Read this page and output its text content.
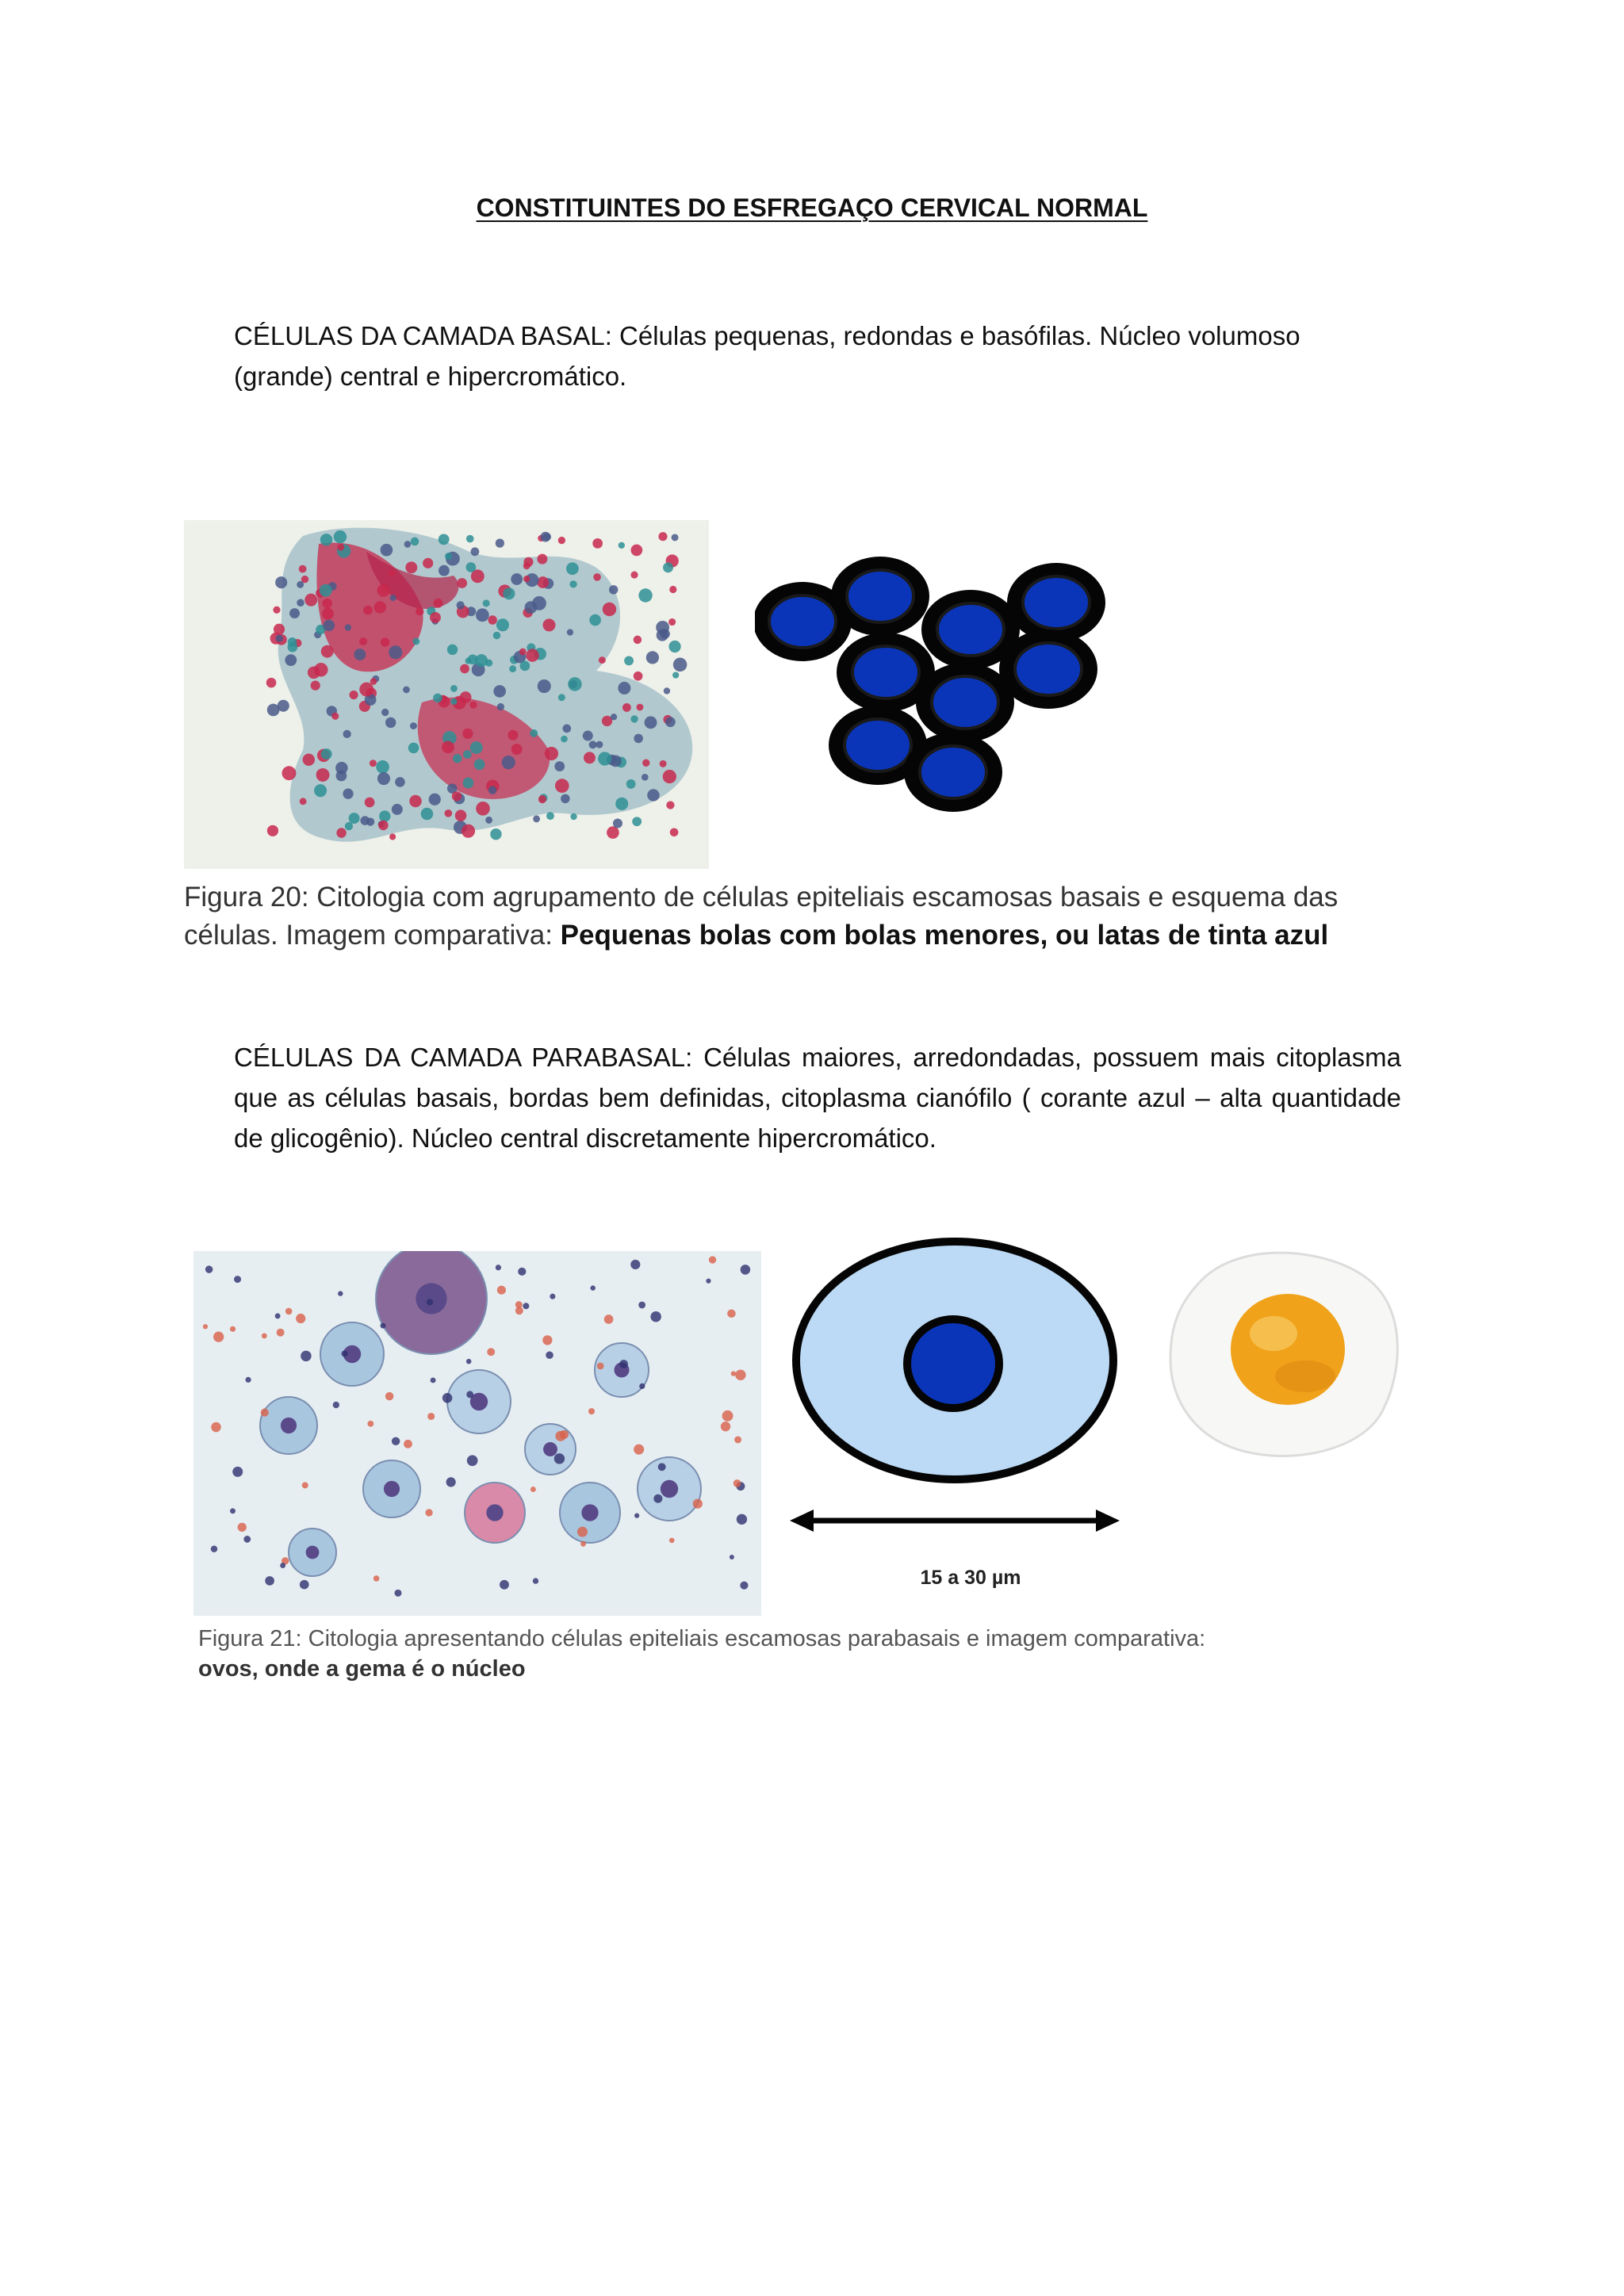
CONSTITUINTES DO ESFREGAÇO CERVICAL NORMAL
CÉLULAS DA CAMADA BASAL: Células pequenas, redondas e basófilas. Núcleo volumoso (grande) central e hipercromático.
Figura 20: Citologia com agrupamento de células epiteliais escamosas basais e esquema das células. Imagem comparativa: Pequenas bolas com bolas menores, ou latas de tinta azul
CÉLULAS DA CAMADA PARABASAL: Células maiores, arredondadas, possuem mais citoplasma que as células basais, bordas bem definidas, citoplasma cianófilo ( corante azul – alta quantidade de glicogênio). Núcleo central discretamente hipercromático.
15 a 30 µm
Figura 21: Citologia apresentando células epiteliais escamosas parabasais e imagem comparativa:
ovos, onde a gema é o núcleo
